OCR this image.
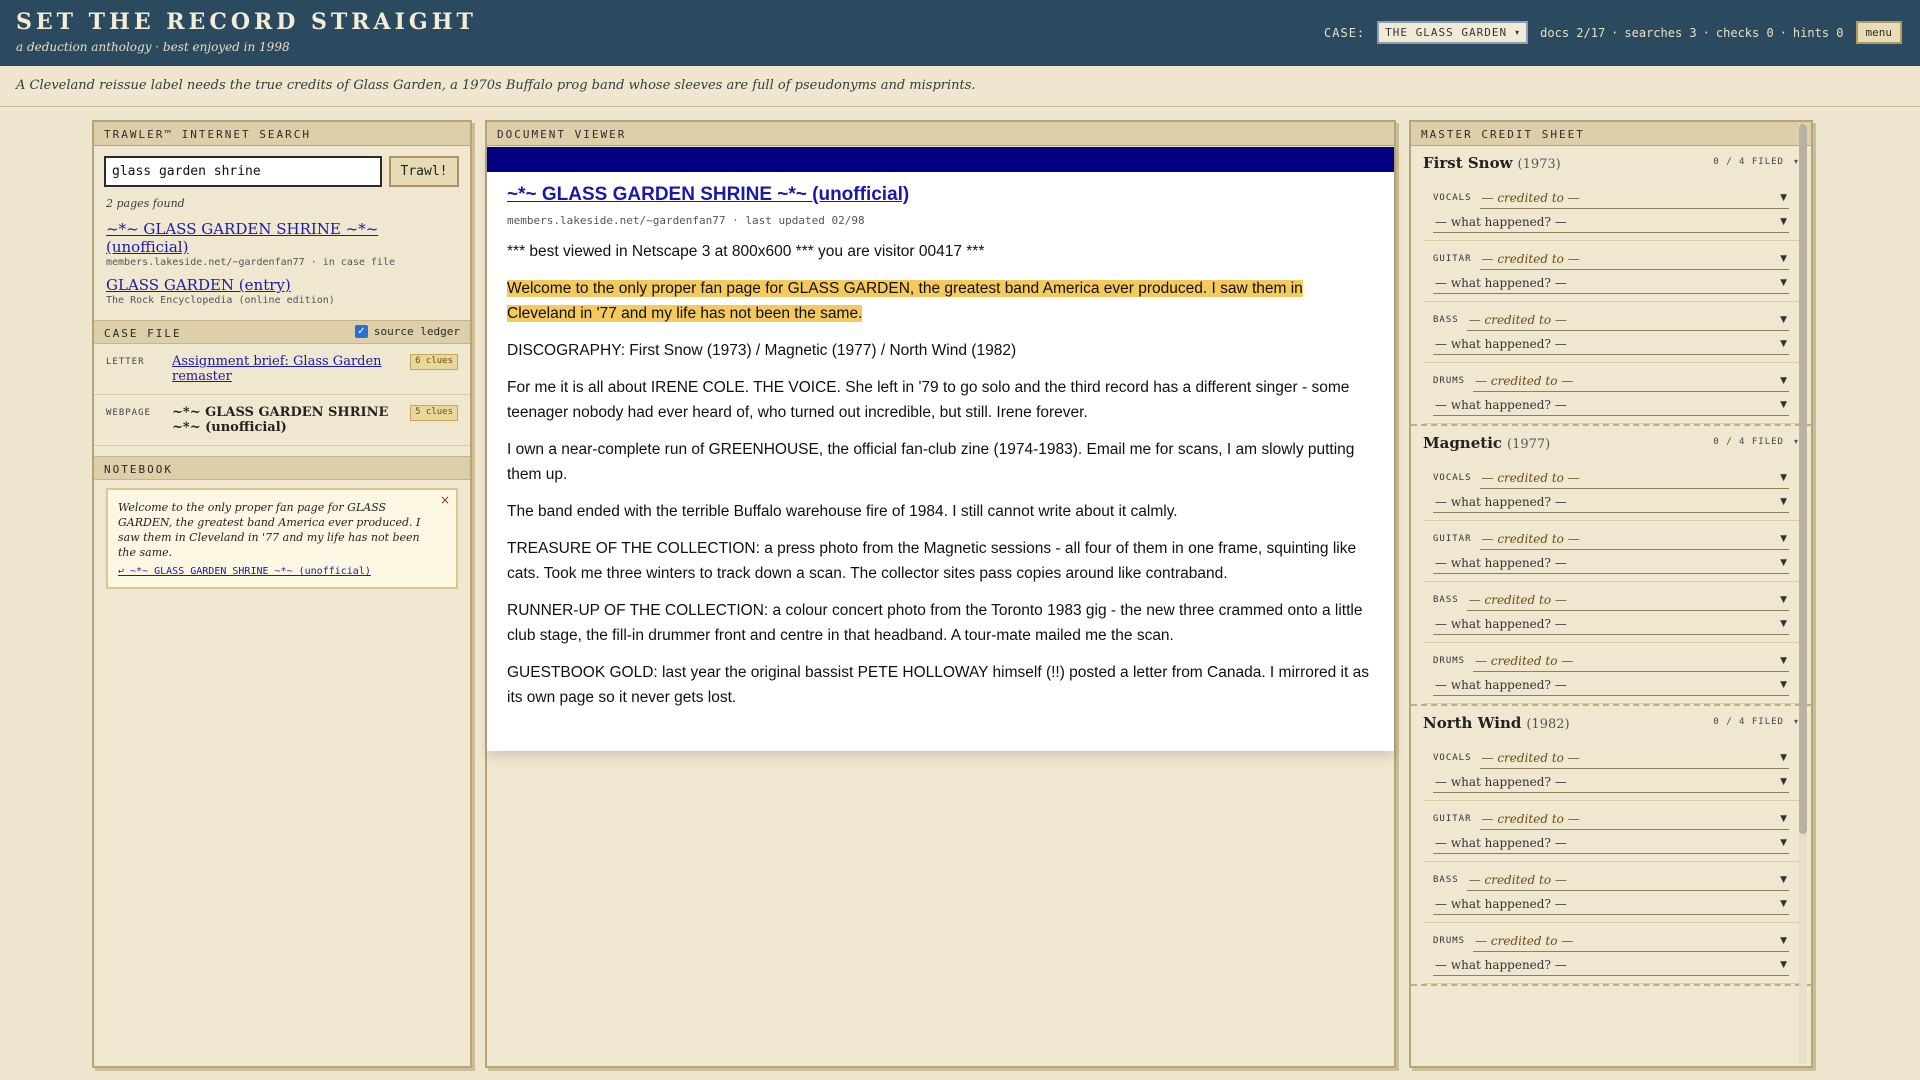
SET THE RECORD STRAIGHT
a deduction anthology · best enjoyed in 1998
CASE: THE GLASS GARDEN ▾ docs 2/17 · searches 3 · checks 0 · hints 0	menu
A Cleveland reissue label needs the true credits of Glass Garden, a 1970s Buffalo prog band whose sleeves are full of pseudonyms and misprints.
TRAWLER™ INTERNET SEARCH
glass garden shrine
Trawl!
2 pages found
~*~ GLASS GARDEN SHRINE ~*~ (unofficial)
members.lakeside.net/~gardenfan77 · in case file
GLASS GARDEN (entry)
The Rock Encyclopedia (online edition)
CASE FILE	✓ source ledger
LETTER	Assignment brief: Glass Garden remaster
6 clues
WEBPAGE	~*~ GLASS GARDEN SHRINE ~*~ (unofficial)
5 clues
NOTEBOOK
Welcome to the only proper fan page for GLASS GARDEN, the greatest band America ever produced. I saw them in Cleveland in '77 and my life has not been the same.
↩ ~*~ GLASS GARDEN SHRINE ~*~ (unofficial)
×
DOCUMENT VIEWER
~*~ GLASS GARDEN SHRINE ~*~ (unofficial)
members.lakeside.net/~gardenfan77 · last updated 02/98
*** best viewed in Netscape 3 at 800x600 *** you are visitor 00417 ***
Welcome to the only proper fan page for GLASS GARDEN, the greatest band America ever produced. I saw them in Cleveland in '77 and my life has not been the same.
DISCOGRAPHY: First Snow (1973) / Magnetic (1977) / North Wind (1982)
For me it is all about IRENE COLE. THE VOICE. She left in '79 to go solo and the third record has a different singer - some teenager nobody had ever heard of, who turned out incredible, but still. Irene forever.
I own a near-complete run of GREENHOUSE, the official fan-club zine (1974-1983). Email me for scans, I am slowly putting them up.
The band ended with the terrible Buffalo warehouse fire of 1984. I still cannot write about it calmly.
TREASURE OF THE COLLECTION: a press photo from the Magnetic sessions - all four of them in one frame, squinting like cats. Took me three winters to track down a scan. The collector sites pass copies around like contraband.
RUNNER-UP OF THE COLLECTION: a colour concert photo from the Toronto 1983 gig - the new three crammed onto a little club stage, the fill-in drummer front and centre in that headband. A tour-mate mailed me the scan.
GUESTBOOK GOLD: last year the original bassist PETE HOLLOWAY himself (!!) posted a letter from Canada. I mirrored it as its own page so it never gets lost.
MASTER CREDIT SHEET
First Snow (1973)	0 / 4 FILED ▾
VOCALS — credited to —	▼
— what happened? —	▼
GUITAR — credited to —	▼
— what happened? —	▼
BASS — credited to —	▼
— what happened? —	▼
DRUMS — credited to —	▼
— what happened? —	▼
Magnetic (1977)	0 / 4 FILED ▾
VOCALS — credited to —	▼
— what happened? —	▼
GUITAR — credited to —	▼
— what happened? —	▼
BASS — credited to —	▼
— what happened? —	▼
DRUMS — credited to —	▼
— what happened? —	▼
North Wind (1982)	0 / 4 FILED ▾
VOCALS — credited to —	▼
— what happened? —	▼
GUITAR — credited to —	▼
— what happened? —	▼
BASS — credited to —	▼
— what happened? —	▼
DRUMS — credited to —	▼
— what happened? —	▼
